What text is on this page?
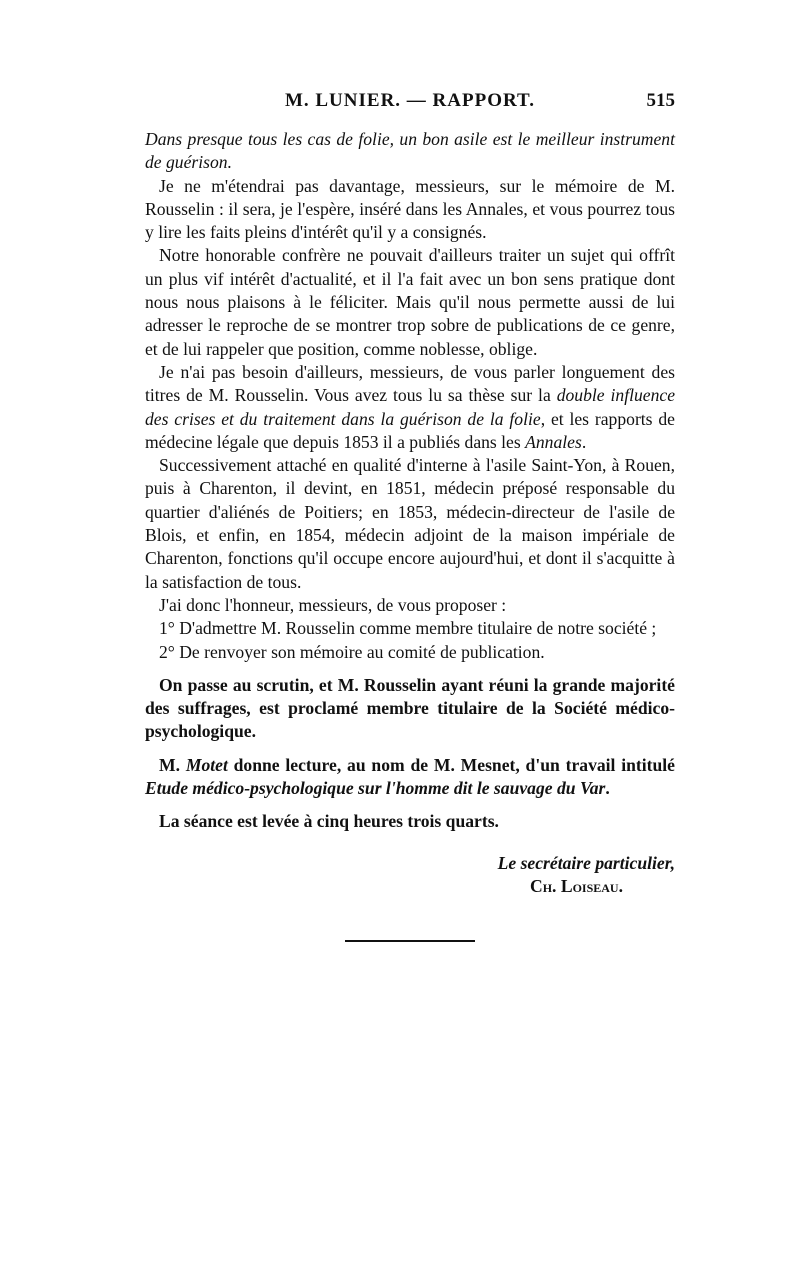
M. LUNIER. — RAPPORT.	515

Dans presque tous les cas de folie, un bon asile est le meilleur instrument de guérison.

Je ne m'étendrai pas davantage, messieurs, sur le mémoire de M. Rousselin : il sera, je l'espère, inséré dans les Annales, et vous pourrez tous y lire les faits pleins d'intérêt qu'il y a consignés.

Notre honorable confrère ne pouvait d'ailleurs traiter un sujet qui offrît un plus vif intérêt d'actualité, et il l'a fait avec un bon sens pratique dont nous nous plaisons à le féliciter. Mais qu'il nous permette aussi de lui adresser le reproche de se montrer trop sobre de publications de ce genre, et de lui rappeler que position, comme noblesse, oblige.

Je n'ai pas besoin d'ailleurs, messieurs, de vous parler longuement des titres de M. Rousselin. Vous avez tous lu sa thèse sur la double influence des crises et du traitement dans la guérison de la folie, et les rapports de médecine légale que depuis 1853 il a publiés dans les Annales.

Successivement attaché en qualité d'interne à l'asile Saint-Yon, à Rouen, puis à Charenton, il devint, en 1851, médecin préposé responsable du quartier d'aliénés de Poitiers; en 1853, médecin-directeur de l'asile de Blois, et enfin, en 1854, médecin adjoint de la maison impériale de Charenton, fonctions qu'il occupe encore aujourd'hui, et dont il s'acquitte à la satisfaction de tous.

J'ai donc l'honneur, messieurs, de vous proposer :

1° D'admettre M. Rousselin comme membre titulaire de notre société ;

2° De renvoyer son mémoire au comité de publication.

On passe au scrutin, et M. Rousselin ayant réuni la grande majorité des suffrages, est proclamé membre titulaire de la Société médico-psychologique.

M. Motet donne lecture, au nom de M. Mesnet, d'un travail intitulé Etude médico-psychologique sur l'homme dit le sauvage du Var.

La séance est levée à cinq heures trois quarts.

Le secrétaire particulier,
Ch. Loiseau.
